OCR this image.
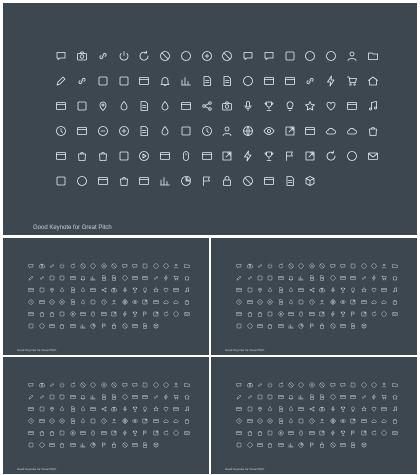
Good Keynote for Great Pitch
Good Keynote for Great Pitch	Good Keynote for Great Pitch
Good Keynote for Great Pitch	Good Keynote for Great Pitch
